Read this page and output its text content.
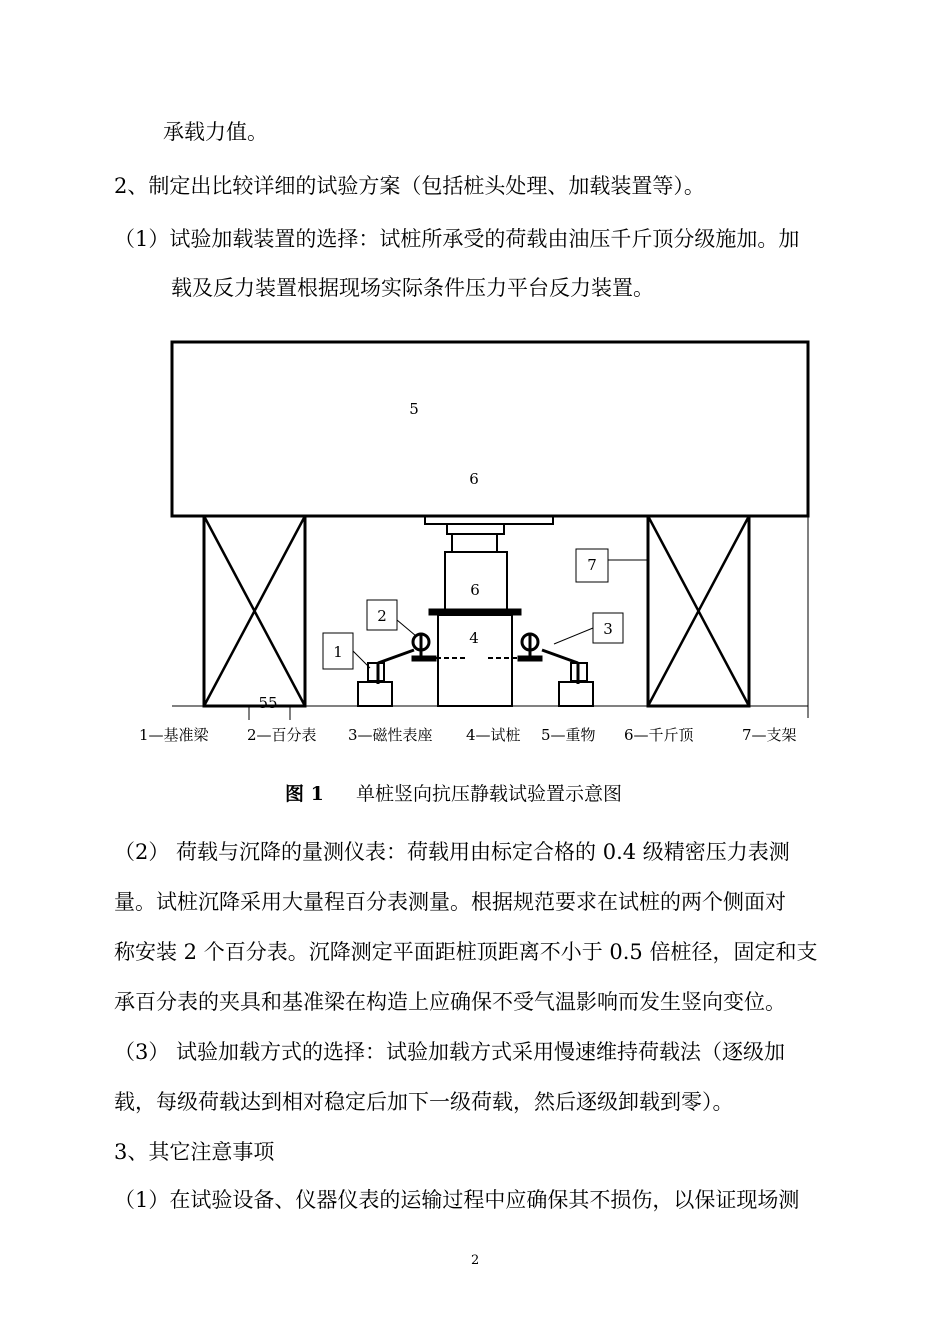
承载力值。
2、制定出比较详细的试验方案（包括桩头处理、加载装置等）。
（1）试验加载装置的选择：试桩所承受的荷载由油压千斤顶分级施加。加
载及反力装置根据现场实际条件压力平台反力装置。
5
6
6
4
1
2
3
7
55
1—基准梁	2—百分表 3—磁性表座 4—试桩 5—重物 6—千斤顶	7—支架
图 1 单桩竖向抗压静载试验置示意图
（2） 荷载与沉降的量测仪表：荷载用由标定合格的 0.4 级精密压力表测
量。试桩沉降采用大量程百分表测量。根据规范要求在试桩的两个侧面对
称安装 2 个百分表。沉降测定平面距桩顶距离不小于 0.5 倍桩径，固定和支
承百分表的夹具和基准梁在构造上应确保不受气温影响而发生竖向变位。
（3） 试验加载方式的选择：试验加载方式采用慢速维持荷载法（逐级加
载，每级荷载达到相对稳定后加下一级荷载，然后逐级卸载到零）。
3、其它注意事项
（1）在试验设备、仪器仪表的运输过程中应确保其不损伤，以保证现场测
2
